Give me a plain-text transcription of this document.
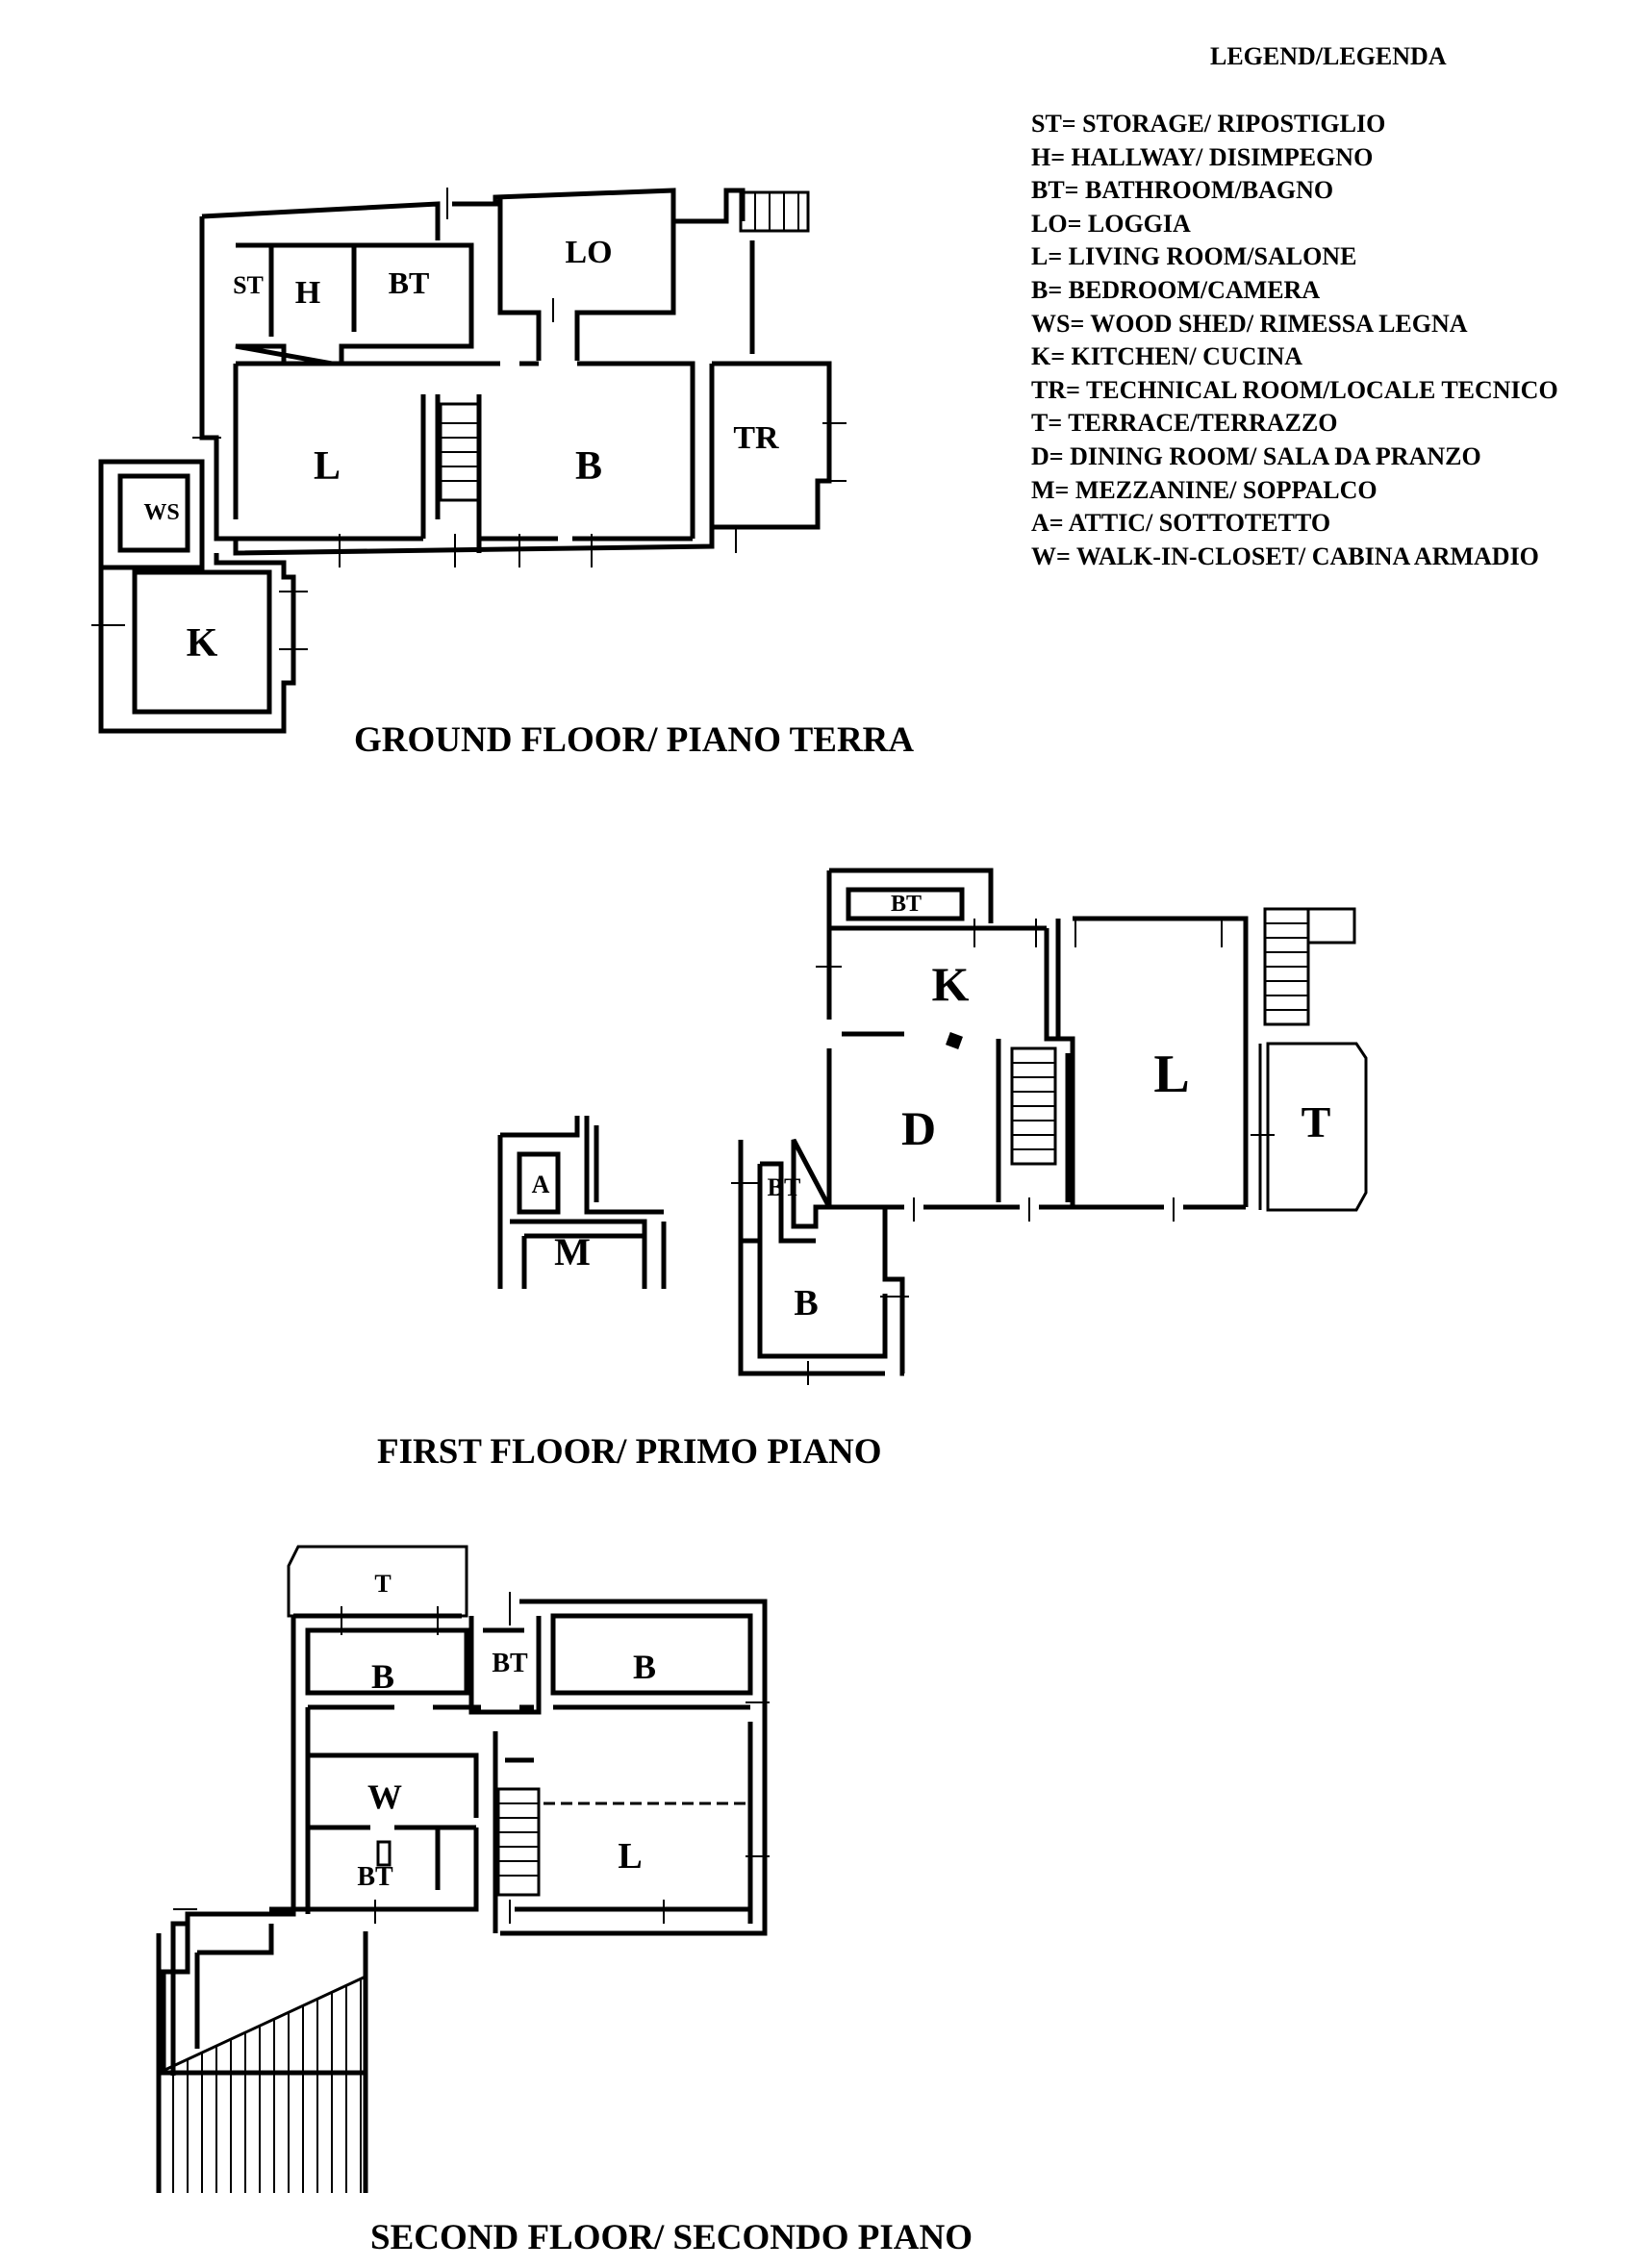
LEGEND/LEGENDA
ST= STORAGE/ RIPOSTIGLIO
H= HALLWAY/ DISIMPEGNO
BT= BATHROOM/BAGNO
LO= LOGGIA
L= LIVING ROOM/SALONE
B= BEDROOM/CAMERA
WS= WOOD SHED/ RIMESSA LEGNA
K= KITCHEN/ CUCINA
TR= TECHNICAL ROOM/LOCALE TECNICO
T= TERRACE/TERRAZZO
D= DINING ROOM/ SALA DA PRANZO
M= MEZZANINE/ SOPPALCO
A= ATTIC/ SOTTOTETTO
W= WALK-IN-CLOSET/ CABINA ARMADIO
ST H BT
LO
L	B
TR
WS
K
BT
K
L
D	T
A
M
BT
B
T
B	BT	B
W
L
BT
GROUND FLOOR/ PIANO TERRA
FIRST FLOOR/ PRIMO PIANO
SECOND FLOOR/ SECONDO PIANO
